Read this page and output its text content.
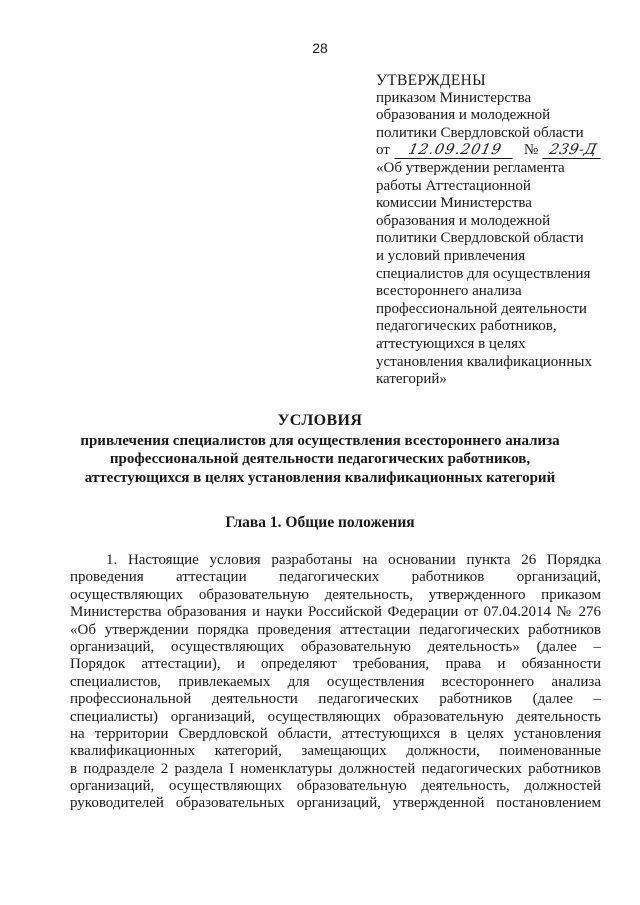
28
УТВЕРЖДЕНЫ
приказом Министерства
образования и молодежной
политики Свердловской области
от	12.09.2019	№ 239-Д
«Об утверждении регламента
работы Аттестационной
комиссии Министерства
образования и молодежной
политики Свердловской области
и условий привлечения
специалистов для осуществления
всестороннего анализа
профессиональной деятельности
педагогических работников,
аттестующихся в целях
установления квалификационных
категорий»
УСЛОВИЯ
привлечения специалистов для осуществления всестороннего анализа
профессиональной деятельности педагогических работников,
аттестующихся в целях установления квалификационных категорий
Глава 1. Общие положения
1. Настоящие условия разработаны на основании пункта 26 Порядка
проведения аттестации педагогических работников организаций,
осуществляющих образовательную деятельность, утвержденного приказом
Министерства образования и науки Российской Федерации от 07.04.2014 № 276
«Об утверждении порядка проведения аттестации педагогических работников
организаций, осуществляющих образовательную деятельность» (далее –
Порядок аттестации), и определяют требования, права и обязанности
специалистов, привлекаемых для осуществления всестороннего анализа
профессиональной деятельности педагогических работников (далее –
специалисты) организаций, осуществляющих образовательную деятельность
на территории Свердловской области, аттестующихся в целях установления
квалификационных категорий, замещающих должности, поименованные
в подразделе 2 раздела I номенклатуры должностей педагогических работников
организаций, осуществляющих образовательную деятельность, должностей
руководителей образовательных организаций, утвержденной постановлением
